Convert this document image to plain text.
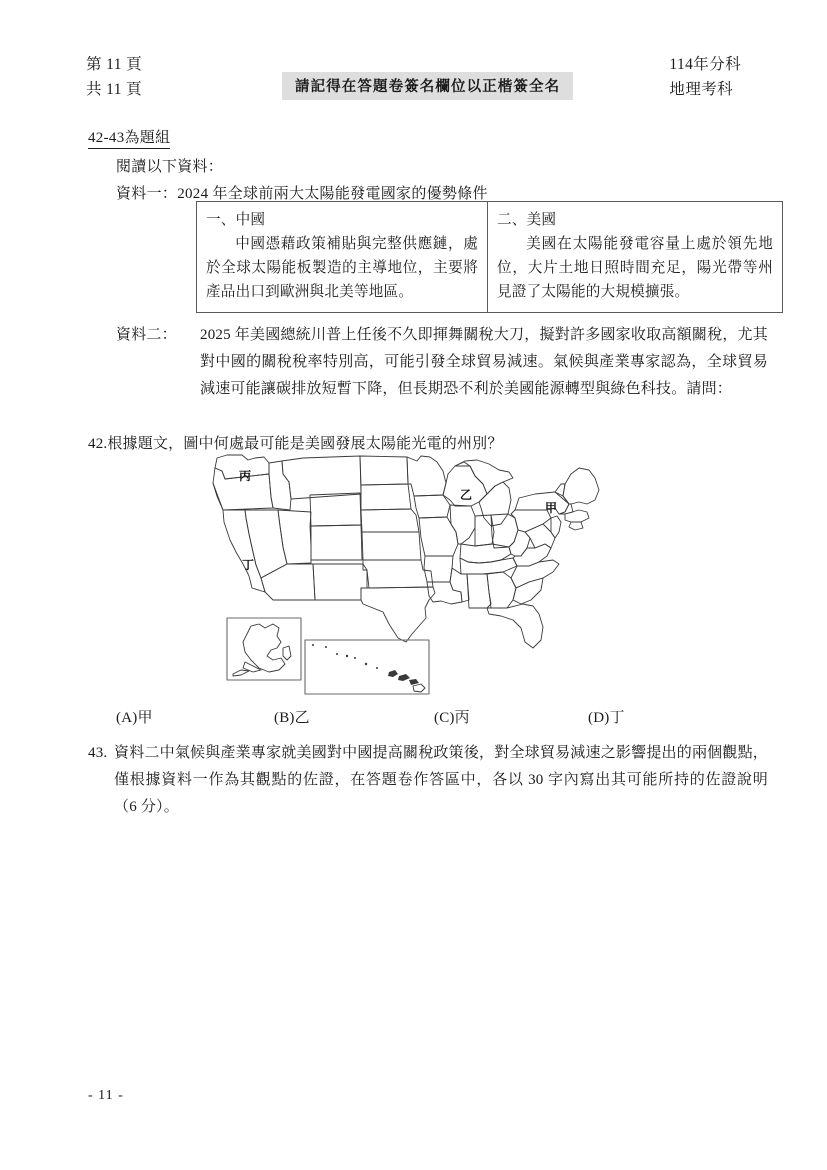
第 11 頁
共 11 頁	請記得在答題卷簽名欄位以正楷簽全名
114年分科
地理考科
42-43為題組
閱讀以下資料：
資料一：2024 年全球前兩大太陽能發電國家的優勢條件
一、中國
中國憑藉政策補貼與完整供應鏈，處於全球太陽能板製造的主導地位，主要將產品出口到歐洲與北美等地區。

二、美國
美國在太陽能發電容量上處於領先地位，大片土地日照時間充足，陽光帶等州見證了太陽能的大規模擴張。
資料二： 2025 年美國總統川普上任後不久即揮舞關稅大刀，擬對許多國家收取高額關稅，尤其對中國的關稅稅率特別高，可能引發全球貿易減速。氣候與產業專家認為，全球貿易減速可能讓碳排放短暫下降，但長期恐不利於美國能源轉型與綠色科技。請問：
42.根據題文，圖中何處最可能是美國發展太陽能光電的州別？
丙
乙
甲
丁
(A)甲	(B)乙	(C)丙	(D)丁
43. 資料二中氣候與產業專家就美國對中國提高關稅政策後，對全球貿易減速之影響提出的兩個觀點，僅根據資料一作為其觀點的佐證，在答題卷作答區中，各以 30 字內寫出其可能所持的佐證說明（6 分）。
- 11 -
